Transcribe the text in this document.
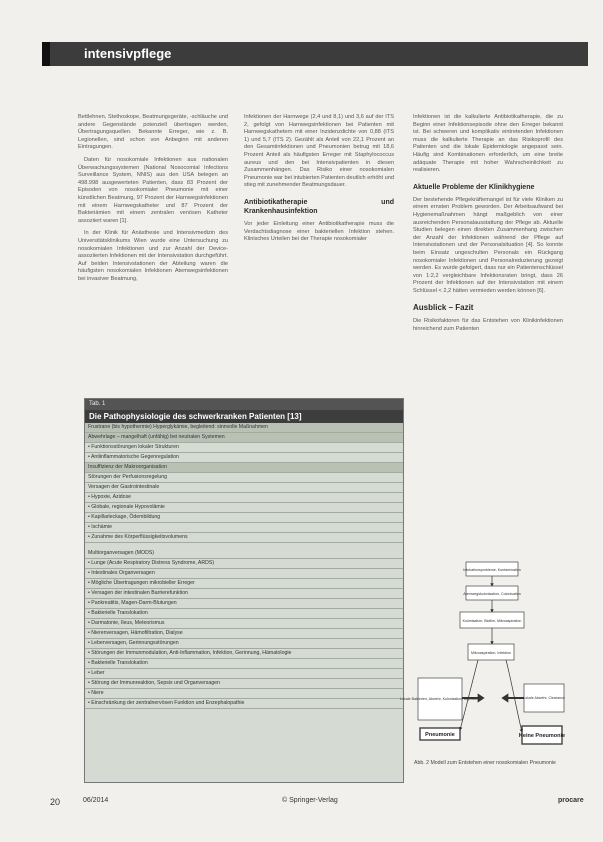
intensivpflege

Bettlehnen, Stethoskope, Beatmungsgeräte, -schläuche und andere Gegenstände potenziell übertragen werden, Übertragungsquellen. Bekannte Erreger, wie z. B. Legionellen, sind schon von Anbeginn mit anderen Eintragungen.

Daten für nosokomiale Infektionen aus nationalen Überwachungssystemen (National Nosocomial Infections Surveillance System, NNIS) aus den USA belegen an 498.998 ausgewerteten Patienten, dass 83 Prozent der Episoden von nosokomialer Pneumonie mit einer künstlichen Beatmung, 97 Prozent der Harnwegsinfektionen mit einem Harnwegskatheter und 87 Prozent der Bakteriämien mit einem zentralen venösen Katheter assoziiert waren [1].

In der Klinik für Anästhesie und Intensivmedizin des Universitätsklinikums Wien wurde eine Untersuchung zu nosokomialen Infektionen und zur Anzahl der Device-assoziierten Infektionen mit der Intensivstation durchgeführt. Auf beiden Intensivstationen der Abteilung waren die häufigsten nosokomialen Infektionen Atemwegsinfektionen bei invasiver Beatmung,

Infektionen der Harnwege (2,4 und 8,1) und 3,6 auf der ITS 2, gefolgt von Harnwegsinfektionen bei Patienten mit Harnwegskathetern mit einer Inzidenzdichte von 0,88 (ITS 1) und 5,7 (ITS 2). Gezählt als Anteil von 22,1 Prozent an den Gesamtinfektionen und Pneumonien betrug mit 18,6 Prozent Anteil als häufigsten Erreger mit Staphylococcus aureus und den bei Intensivpatienten in diesen Zusammenhängen. Das Risiko einer nosokomialen Pneumonie war bei intubierten Patienten deutlich erhöht und stieg mit zunehmender Beatmungsdauer.

Antibiotikatherapie und Krankenhausinfektion

Vor jeder Einleitung einer Antibiotikatherapie muss die Verdachtsdiagnose einer bakteriellen Infektion stehen. Klinisches Urteilen bei der Therapie nosokomialer

Infektionen ist die kalkulierte Antibiotikatherapie, die zu Beginn einer Infektionsepisode ohne den Erreger bekannt ist. Bei schweren und komplikativ eintretenden Infektionen muss die kalkulierte Therapie an das Risikoprofil des Patienten und die lokale Epidemiologie angepasst sein. Häufig sind Kombinationen erforderlich, um eine breite adäquate Therapie mit hoher Wahrscheinlichkeit zu realisieren.

Aktuelle Probleme der Klinikhygiene

Der bestehende Pflegekräftemangel ist für viele Kliniken zu einem ernsten Problem geworden. Der Arbeitsaufwand bei Hygienemaßnahmen hängt maßgeblich von einer ausreichenden Personalausstattung der Pflege ab. Aktuelle Studien belegen einen direkten Zusammenhang zwischen der Anzahl der Infektionen während der Pflege auf Intensivstationen und der Personalsituation [4]. So konnte beim Einsatz ungeschulten Personals ein Rückgang nosokomialer Infektionen und Personalreduzierung gezeigt werden. Es wurde gefolgert, dass nur ein Patientenschlüssel von 1:2,2 vergleichbare Infektionsraten bringt, dass 26 Prozent der Infektionen auf der Intensivstation mit einem Schlüssel < 2,2 hätten vermieden werden können [6].

Ausblick – Fazit

Die Risikofaktoren für das Entstehen von Klinikinfektionen hinreichend zum Patienten

Tab. 1
Die Pathophysiologie des schwerkranken Patienten [13]
Frustrane (bis hypothermie) Hyperglykämie, begleitend: sinnvolle Maßnahmen
Abwehrlage – mangelhaft (unfähig) bei neutralen Systemen
• Funktionsstörungen lokaler Strukturen
• Antiinflammatorische Gegenregulation
Insuffizienz der Makroorganisation
Störungen der Perfusionsregelung
Versagen der Gastrointestinale
• Hypoxie, Azidose
• Globale, regionale Hypovolämie
• Kapillarleckage, Ödembildung
• Ischämie
• Zunahme des Körperflüssigkeitsvolumens
Multiorganversagen (MODS)
• Lunge (Acute Respiratory Distress Syndrome, ARDS)
• Intestinales Organversagen
• Mögliche Übertragungen mikrobieller Erreger
• Versagen der intestinalen Barrierefunktion
• Pankreatitis, Magen-Darm-Blutungen
• Bakterielle Translokation
• Darmatonie, Ileus, Meteorismus
• Nierenversagen, Hämofiltration, Dialyse
• Leberversagen, Gerinnungsstörungen
• Störungen der Immunmodulation, Anti-Inflammation, Infektion, Gerinnung, Hämatologie
• Bakterielle Translokation
• Leber
• Störung der Immunreaktion, Sepsis und Organversagen
• Niere
• Einschränkung der zentralnervösen Funktion und Enzephalopathie
Intubationsprobleme, Kontamination
Atemwegskolonisation, Colonisation
Kolonisation, Biofilm, Mikroaspiration
Mikroaspiration, Infektion
Lokale Bakterien, Abwehr, Kolonisation, Aspiration	Lokale Abwehr, Clearance
Pneumonie	Keine Pneumonie
Abb. 2 Modell zum Entstehen einer nosokomialen Pneumonie
20	06/2014	© Springer-Verlag	procare
